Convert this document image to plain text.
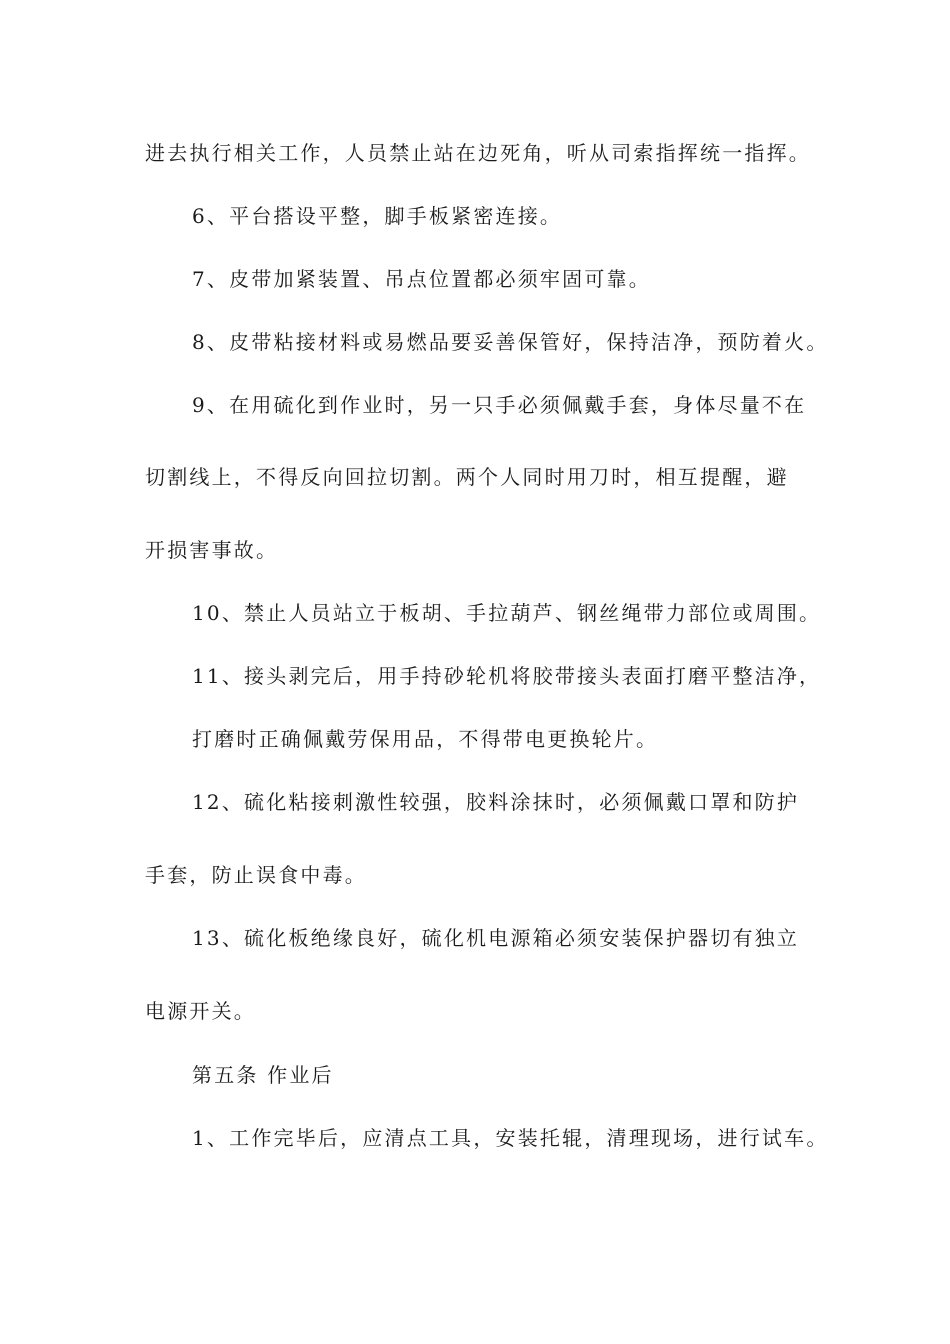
进去执行相关工作，人员禁止站在边死角，听从司索指挥统一指挥。
6、平台搭设平整，脚手板紧密连接。
7、皮带加紧装置、吊点位置都必须牢固可靠。
8、皮带粘接材料或易燃品要妥善保管好，保持洁净，预防着火。
9、在用硫化到作业时，另一只手必须佩戴手套，身体尽量不在
切割线上，不得反向回拉切割。两个人同时用刀时，相互提醒，避
开损害事故。
10、禁止人员站立于板胡、手拉葫芦、钢丝绳带力部位或周围。
11、接头剥完后，用手持砂轮机将胶带接头表面打磨平整洁净，
打磨时正确佩戴劳保用品，不得带电更换轮片。
12、硫化粘接刺激性较强，胶料涂抹时，必须佩戴口罩和防护
手套，防止误食中毒。
13、硫化板绝缘良好，硫化机电源箱必须安装保护器切有独立
电源开关。
第五条 作业后
1、工作完毕后，应清点工具，安装托辊，清理现场，进行试车。
